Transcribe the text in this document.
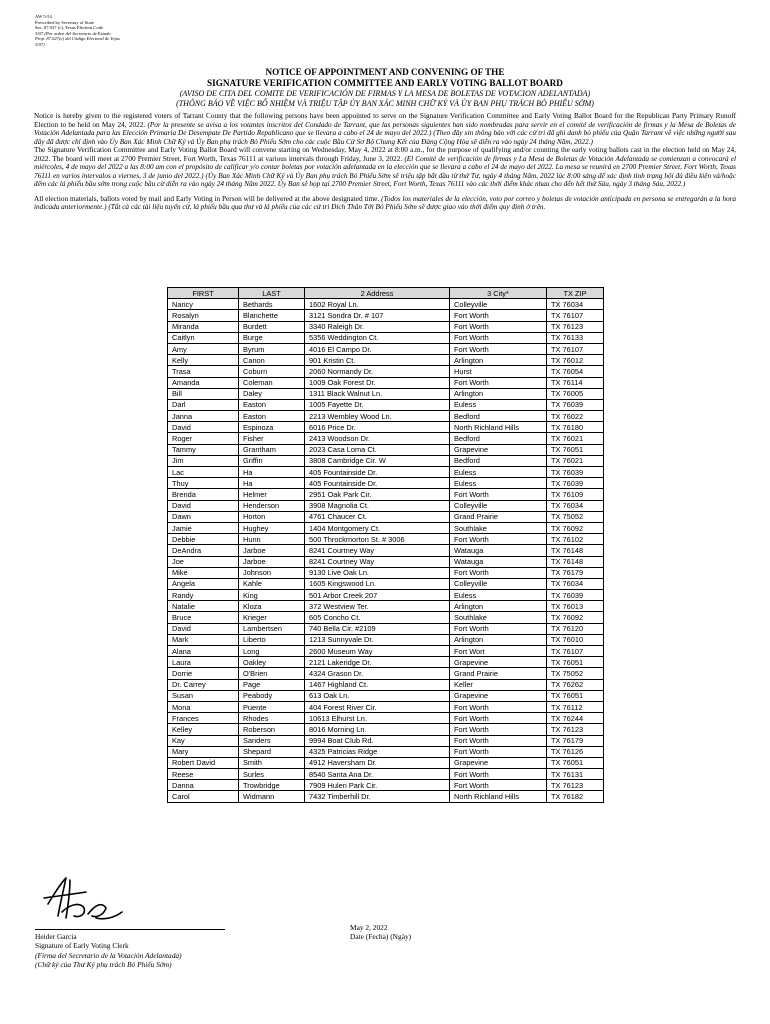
AW 5-54
Prescribed by Secretary of State
Sec. 87.027 (c), Texas Election Code
3/07 (Por orden del Secretario de Estado
Prop. 87.027(c) del Código Electoral de Tejas
3/07)
NOTICE OF APPOINTMENT AND CONVENING OF THE
SIGNATURE VERIFICATION COMMITTEE AND EARLY VOTING BALLOT BOARD
(AVISO DE CITA DEL COMITE DE VERIFICACIÓN DE FIRMAS Y LA MESA DE BOLETAS DE VOTACION ADELANTADA)
(THÔNG BÁO VỀ VIỆC BỔ NHIỆM VÀ TRIỆU TẬP ỦY BAN XÁC MINH CHỮ KÝ VÀ ỦY BAN PHỤ TRÁCH BỎ PHIẾU SỚM)

Notice is hereby given to the registered voters of Tarrant County that the following persons have been appointed to serve on the Signature Verification Committee and Early Voting Ballot Board for the Republican Party Primary Runoff Election to be held on May 24, 2022. (Por la presente se avisa a los votantes inscritos del Condado de Tarrant, que las personas siguientes han sido nombradas para servir en el comité de verificación de firmas y la Mesa de Boletas de Votación Adelantada para las Elección Primaria De Desempate De Partido Republicano que se llevara a cabo el 24 de mayo del 2022.) (Theo đây xin thông báo với các cử tri đã ghi danh bỏ phiếu của Quận Tarrant về việc những người sau đây đã được chỉ định vào Ủy Ban Xác Minh Chữ Ký và Ủy Ban phụ trách Bỏ Phiếu Sớm cho các cuộc Bầu Cử Sơ Bộ Chung Kết của Đảng Cộng Hòa sẽ diễn ra vào ngày 24 tháng Năm, 2022.)

The Signature Verification Committee and Early Voting Ballot Board will convene starting on Wednesday, May 4, 2022 at 8:00 a.m., for the purpose of qualifying and/or counting the early voting ballots cast in the election held on May 24, 2022. The board will meet at 2700 Premier Street, Fort Worth, Texas 76111 at various intervals through Friday, June 3, 2022. (El Comité de verificación de firmas y La Mesa de Boletas de Votación Adelantada se comienzan a convocará el miércoles, 4 de mayo del 2022 a las 8:00 am con el propósito de calificar y/o contar boletas por votación adelantada en la elección que se llevara a cabo el 24 de mayo del 2022. La mesa se reunirá en 2700 Premier Street, Fort Worth, Texas 76111 en varios intervalos a viernes, 3 de junio del 2022.) (Ủy Ban Xác Minh Chữ Ký và Ủy Ban phụ trách Bỏ Phiếu Sớm sẽ triệu tập bắt đầu từ thứ Tư, ngày 4 tháng Năm, 2022 lúc 8:00 sáng để xác định tình trạng hội đủ điều kiện và/hoặc đếm các lá phiếu bầu sớm trong cuộc bầu cử diễn ra vào ngày 24 tháng Năm 2022. Ủy Ban sẽ họp tại 2700 Premier Street, Fort Worth, Texas 76111 vào các thời điểm khác nhau cho đến hết thứ Sáu, ngày 3 tháng Sáu, 2022.)

All election materials, ballots voted by mail and Early Voting in Person will be delivered at the above designated time. (Todos los materiales de la elección, voto por correo y boletas de votación anticipada en persona se entregarán a la hora indicada anteriormente.) (Tất cả các tài liệu tuyển cử, lá phiếu bầu qua thư và lá phiếu của các cử tri Đích Thân Tới Bỏ Phiếu Sớm sẽ được giao vào thời điểm quy định ở trên.

FIRST	LAST	2 Address	3 City*	TX ZIP
Nancy	Bethards	1602 Royal Ln.	Colleyville	TX 76034
Rosalyn	Blanchette	3121 Sondra Dr. # 107	Fort Worth	TX 76107
Miranda	Burdett	3340 Raleigh Dr.	Fort Worth	TX 76123
Caitlyn	Burge	5356 Weddington Ct.	Fort Worth	TX 76133
Amy	Byrum	4016 El Campo Dr.	Fort Worth	TX 76107
Kelly	Canon	901 Kristin Ct.	Arlington	TX 76012
Trasa	Coburn	2060 Normandy Dr.	Hurst	TX 76054
Amanda	Coleman	1009 Oak Forest Dr.	Fort Worth	TX 76114
Bill	Daley	1311 Black Walnut Ln.	Arlington	TX 76005
Darl	Easton	1005 Fayette Dr.	Euless	TX 76039
Janna	Easton	2213 Wembley Wood Ln.	Bedford	TX 76022
David	Espinoza	6016 Price Dr.	North Richland Hills	TX 76180
Roger	Fisher	2413 Woodson Dr.	Bedford	TX 76021
Tammy	Grantham	2023 Casa Loma Ct.	Grapevine	TX 76051
Jim	Griffin	3808 Cambridge Cir. W	Bedford	TX 76021
Lac	Ha	405 Fountainside Dr.	Euless	TX 76039
Thuy	Ha	405 Fountainside Dr.	Euless	TX 76039
Brenda	Helmer	2951 Oak Park Cir.	Fort Worth	TX 76109
David	Henderson	3908 Magnolia Ct.	Colleyville	TX 76034
Dawn	Horton	4761 Chaucer Ct.	Grand Prairie	TX 75052
Jamie	Hughey	1404 Montgomery Ct.	Southlake	TX 76092
Debbie	Hunn	500 Throckmorton St. # 3006	Fort Worth	TX 76102
DeAndra	Jarboe	8241 Courtney Way	Watauga	TX 76148
Joe	Jarboe	8241 Courtney Way	Watauga	TX 76148
Mike	Johnson	9130 Live Oak Ln.	Fort Worth	TX 76179
Angela	Kahle	1605 Kingswood Ln.	Colleyville	TX 76034
Randy	King	501 Arbor Creek 207	Euless	TX 76039
Natalie	Kloza	372 Westview Ter.	Arlington	TX 76013
Bruce	Krieger	605 Concho Ct.	Southlake	TX 76092
David	Lambertsen	740 Bella Cir. #2109	Fort Worth	TX 76120
Mark	Liberto	1213 Sunnyvale Dr.	Arlington	TX 76010
Alana	Long	2600 Museum Way	Fort Wort	TX 76107
Laura	Oakley	2121 Lakeridge Dr.	Grapevine	TX 76051
Dorrie	O'Brien	4324 Grason Dr.	Grand Prairie	TX 75052
Dr. Carrey	Page	1467 Highland Ct.	Keller	TX 76262
Susan	Peabody	613 Oak Ln.	Grapevine	TX 76051
Mona	Puente	404 Forest River Cir.	Fort Worth	TX 76112
Frances	Rhodes	10613 Elhurst Ln.	Fort Worth	TX 76244
Kelley	Roberson	8016 Morning Ln.	Fort Worth	TX 76123
Kay	Sanders	9994 Boat Club Rd.	Fort Worth	TX 76179
Mary	Shepard	4325 Patricias Ridge	Fort Worth	TX 76126
Robert David	Smith	4912 Haversham Dr.	Grapevine	TX 76051
Reese	Surles	8540 Santa Ana Dr.	Fort Worth	TX 76131
Danna	Trowbridge	7909 Hulen Park Cir.	Fort Worth	TX 76123
Carol	Widmann	7432 Timberhill Dr.	North Richland Hills	TX 76182
Heider Garcia
Signature of Early Voting Clerk
(Firma del Secretario de la Votación Adelantada)
(Chữ ký của Thư Ký phụ trách Bỏ Phiếu Sớm)
May 2, 2022
Date (Fecha) (Ngày)
